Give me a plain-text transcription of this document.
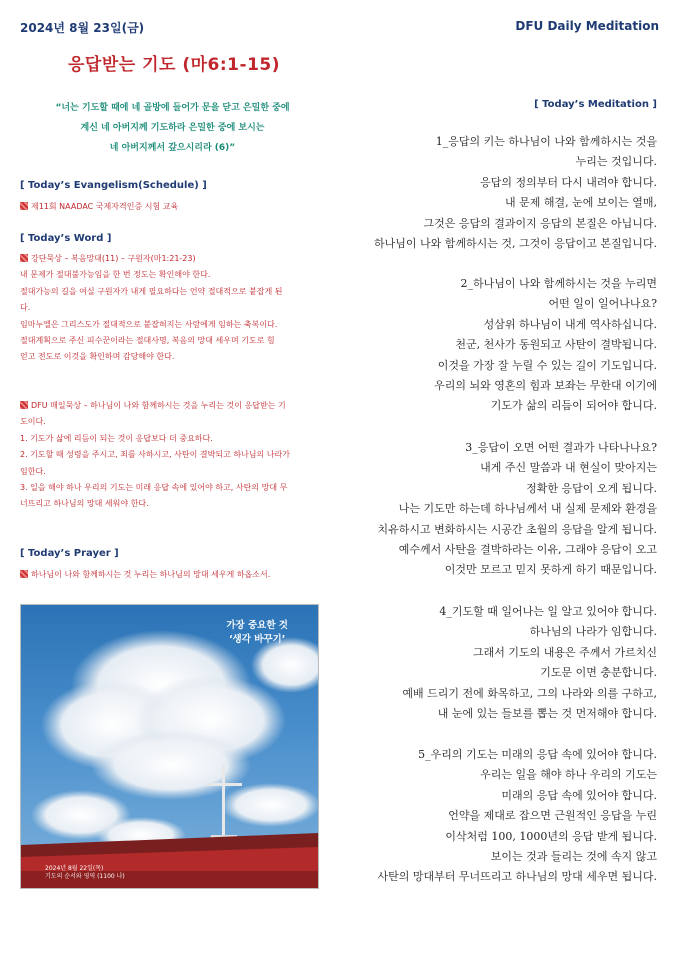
2024년 8월 23일(금)	DFU Daily Meditation
응답받는 기도 (마6:1-15)
“너는 기도할 때에 네 골방에 들어가 문을 닫고 은밀한 중에
계신 네 아버지께 기도하라 은밀한 중에 보시는
네 아버지께서 갚으시리라 (6)”
[ Today’s Evangelism(Schedule) ]

제11회 NAADAC 국제자격인증 시험 교육

[ Today’s Word ]

강단묵상 – 복음망대(11) – 구원자(마1:21-23)

내 문제가 절대불가능임을 한 번 정도는 확인해야 한다.

절대가능의 길을 여실 구원자가 내게 필요하다는 언약 절대적으로 붙잡게 된

다.

임마누엘은 그리스도가 절대적으로 붙잡혀지는 사람에게 임하는 축복이다.

절대계획으로 주신 피수꾼이라는 절대사명, 복음의 망대 세우며 기도로 힘

얻고 전도로 이것을 확인하며 감당해야 한다.

DFU 매일묵상 – 하나님이 나와 함께하시는 것을 누리는 것이 응답받는 기

도이다.

1. 기도가 삶에 리듬이 되는 것이 응답보다 더 중요하다.

2. 기도할 때 성령을 주시고, 죄를 사하시고, 사탄이 결박되고 하나님의 나라가

임한다.

3. 일을 해야 하나 우리의 기도는 미래 응답 속에 있어야 하고, 사탄의 망대 무

너뜨리고 하나님의 망대 세워야 한다.

[ Today’s Prayer ]

하나님이 나와 함께하시는 것 누리는 하나님의 망대 세우게 하옵소서.

가장 중요한 것
‘생각 바꾸기’
2024년 8월 22일(목)
기도의 순서와 영역 (1100 나)
[ Today’s Meditation ]

1_응답의 키는 하나님이 나와 함께하시는 것을

누리는 것입니다.

응답의 정의부터 다시 내려야 합니다.

내 문제 해결, 눈에 보이는 열매,

그것은 응답의 결과이지 응답의 본질은 아닙니다.

하나님이 나와 함께하시는 것, 그것이 응답이고 본질입니다.

2_하나님이 나와 함께하시는 것을 누리면

어떤 일이 일어나나요?

성삼위 하나님이 내게 역사하십니다.

천군, 천사가 동원되고 사탄이 결박됩니다.

이것을 가장 잘 누릴 수 있는 길이 기도입니다.

우리의 뇌와 영혼의 힘과 보좌는 무한대 이기에

기도가 삶의 리듬이 되어야 합니다.

3_응답이 오면 어떤 결과가 나타나나요?

내게 주신 말씀과 내 현실이 맞아지는

정확한 응답이 오게 됩니다.

나는 기도만 하는데 하나님께서 내 실제 문제와 환경을

치유하시고 변화하시는 시공간 초월의 응답을 알게 됩니다.

예수께서 사탄을 결박하라는 이유, 그래야 응답이 오고

이것만 모르고 믿지 못하게 하기 때문입니다.

4_기도할 때 일어나는 일 알고 있어야 합니다.

하나님의 나라가 임합니다.

그래서 기도의 내용은 주께서 가르치신

기도문 이면 충분합니다.

예배 드리기 전에 화목하고, 그의 나라와 의를 구하고,

내 눈에 있는 들보를 뽑는 것 먼저해야 합니다.

5_우리의 기도는 미래의 응답 속에 있어야 합니다.

우리는 일을 해야 하나 우리의 기도는

미래의 응답 속에 있어야 합니다.

언약을 제대로 잡으면 근원적인 응답을 누린

이삭처럼 100, 1000년의 응답 받게 됩니다.

보이는 것과 들리는 것에 속지 않고

사탄의 망대부터 무너뜨리고 하나님의 망대 세우면 됩니다.
